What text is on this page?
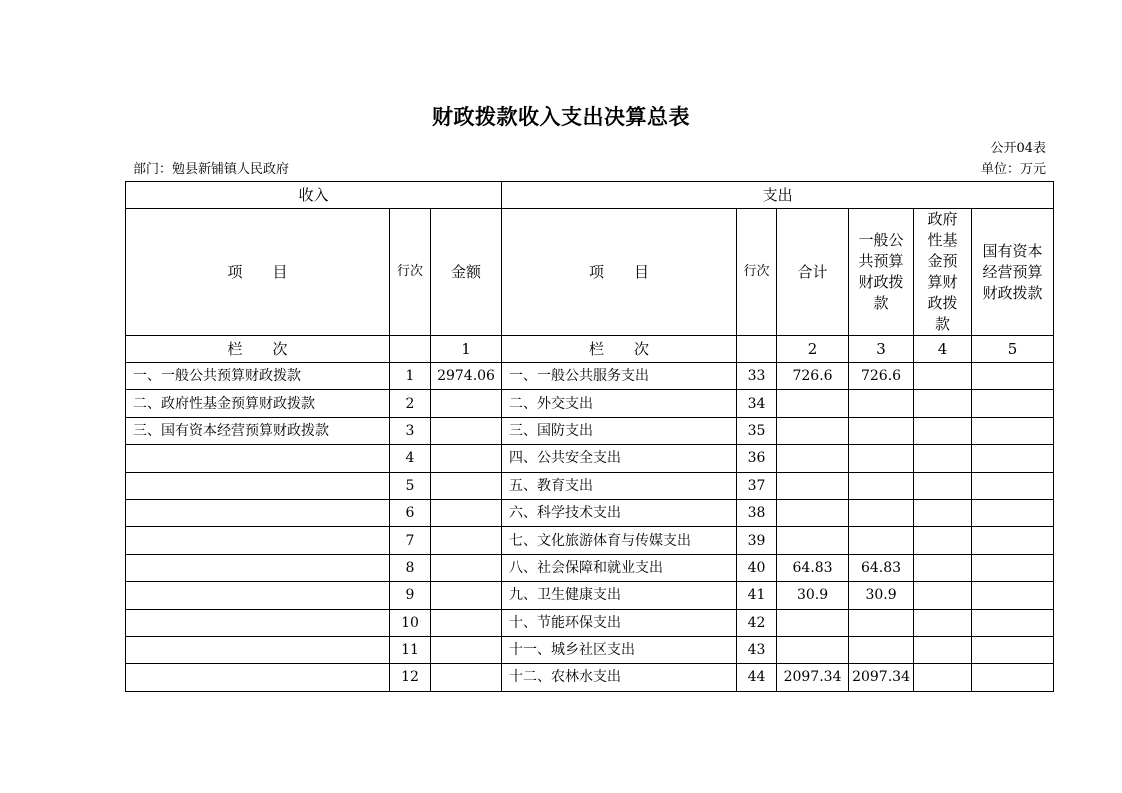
财政拨款收入支出决算总表
公开04表
部门：勉县新铺镇人民政府	单位：万元
收入			支出					
项　　目	行次	金额	项　　目	行次	合计	一般公共预算财政拨款	政府性基金预算财政拨款	国有资本经营预算财政拨款

栏　　次		1	栏　　次		2	3	4	5
一、一般公共预算财政拨款	1	2974.06	一、一般公共服务支出	33	726.6	726.6		
二、政府性基金预算财政拨款	2		二、外交支出	34				
三、国有资本经营预算财政拨款	3		三、国防支出	35				
	4		四、公共安全支出	36				
	5		五、教育支出	37				
	6		六、科学技术支出	38				
	7		七、文化旅游体育与传媒支出	39				
	8		八、社会保障和就业支出	40	64.83	64.83		
	9		九、卫生健康支出	41	30.9	30.9		
	10		十、节能环保支出	42				
	11		十一、城乡社区支出	43				
	12		十二、农林水支出	44	2097.34	2097.34		
